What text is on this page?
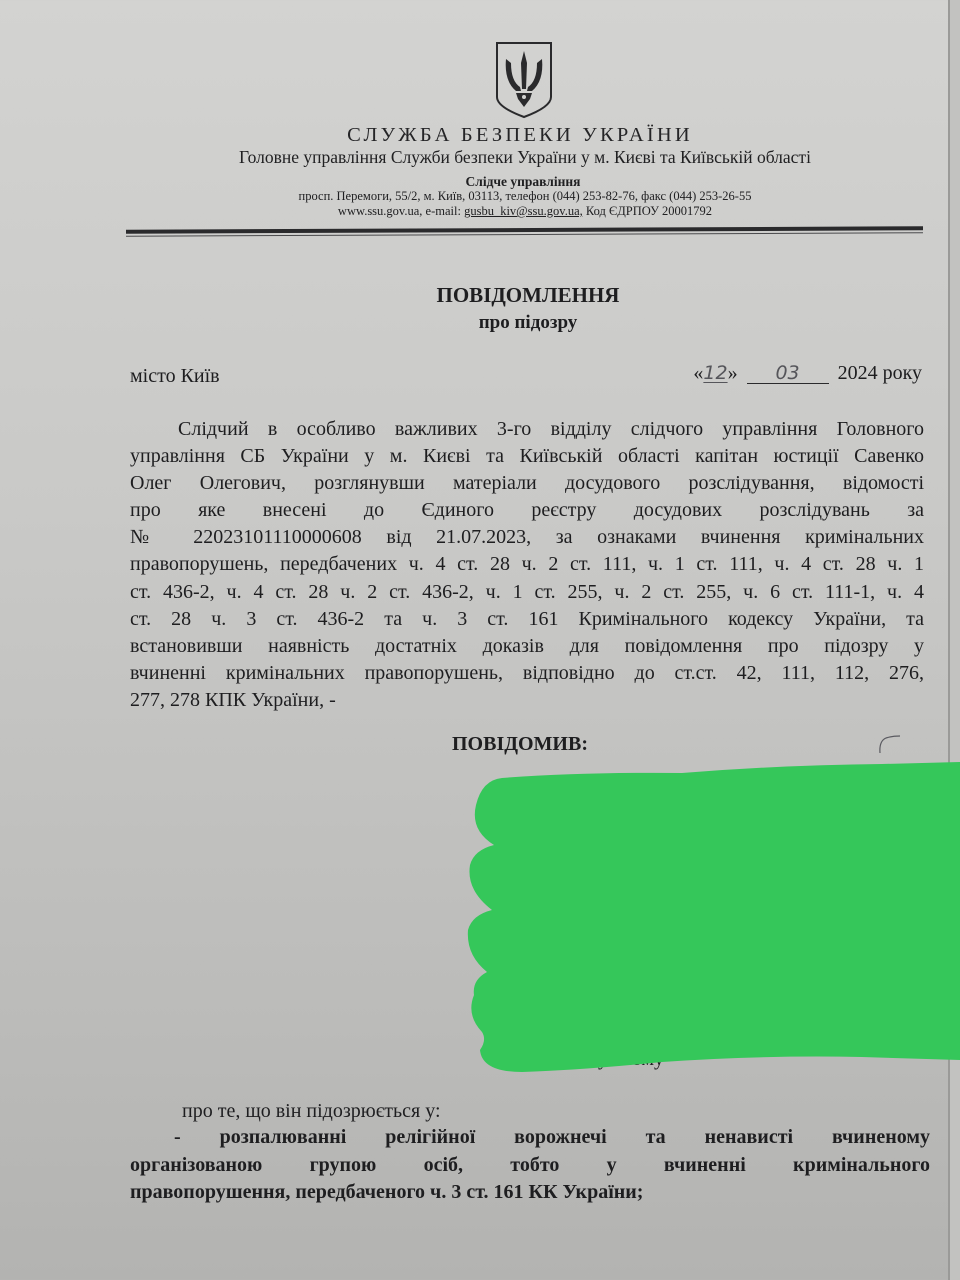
СЛУЖБА БЕЗПЕКИ УКРАЇНИ
Головне управління Служби безпеки України у м. Києві та Київській області
Слідче управління
просп. Перемоги, 55/2, м. Київ, 03113, телефон (044) 253-82-76, факс (044) 253-26-55
www.ssu.gov.ua, e-mail: gusbu_kiv@ssu.gov.ua, Код ЄДРПОУ 20001792
ПОВІДОМЛЕННЯ
про підозру
місто Київ	«12» 03 2024 року
Слідчий в особливо важливих 3-го відділу слідчого управління Головного
управління СБ України у м. Києві та Київській області капітан юстиції Савенко
Олег Олегович, розглянувши матеріали досудового розслідування, відомості
про яке внесені до Єдиного реєстру досудових розслідувань за
№ 22023101110000608 від 21.07.2023, за ознаками вчинення кримінальних
правопорушень, передбачених ч. 4 ст. 28 ч. 2 ст. 111, ч. 1 ст. 111, ч. 4 ст. 28 ч. 1
ст. 436-2, ч. 4 ст. 28 ч. 2 ст. 436-2, ч. 1 ст. 255, ч. 2 ст. 255, ч. 6 ст. 111-1, ч. 4
ст. 28 ч. 3 ст. 436-2 та ч. 3 ст. 161 Кримінального кодексу України, та
встановивши наявність достатніх доказів для повідомлення про підозру у
вчиненні кримінальних правопорушень, відповідно до ст.ст. 42, 111, 112, 276,
277, 278 КПК України, -
ПОВІДОМИВ:
про те, що він підозрюється у:
- розпалюванні релігійної ворожнечі та ненависті вчиненому
організованою групою осіб, тобто у вчиненні кримінального
правопорушення, передбаченого ч. 3 ст. 161 КК України;
